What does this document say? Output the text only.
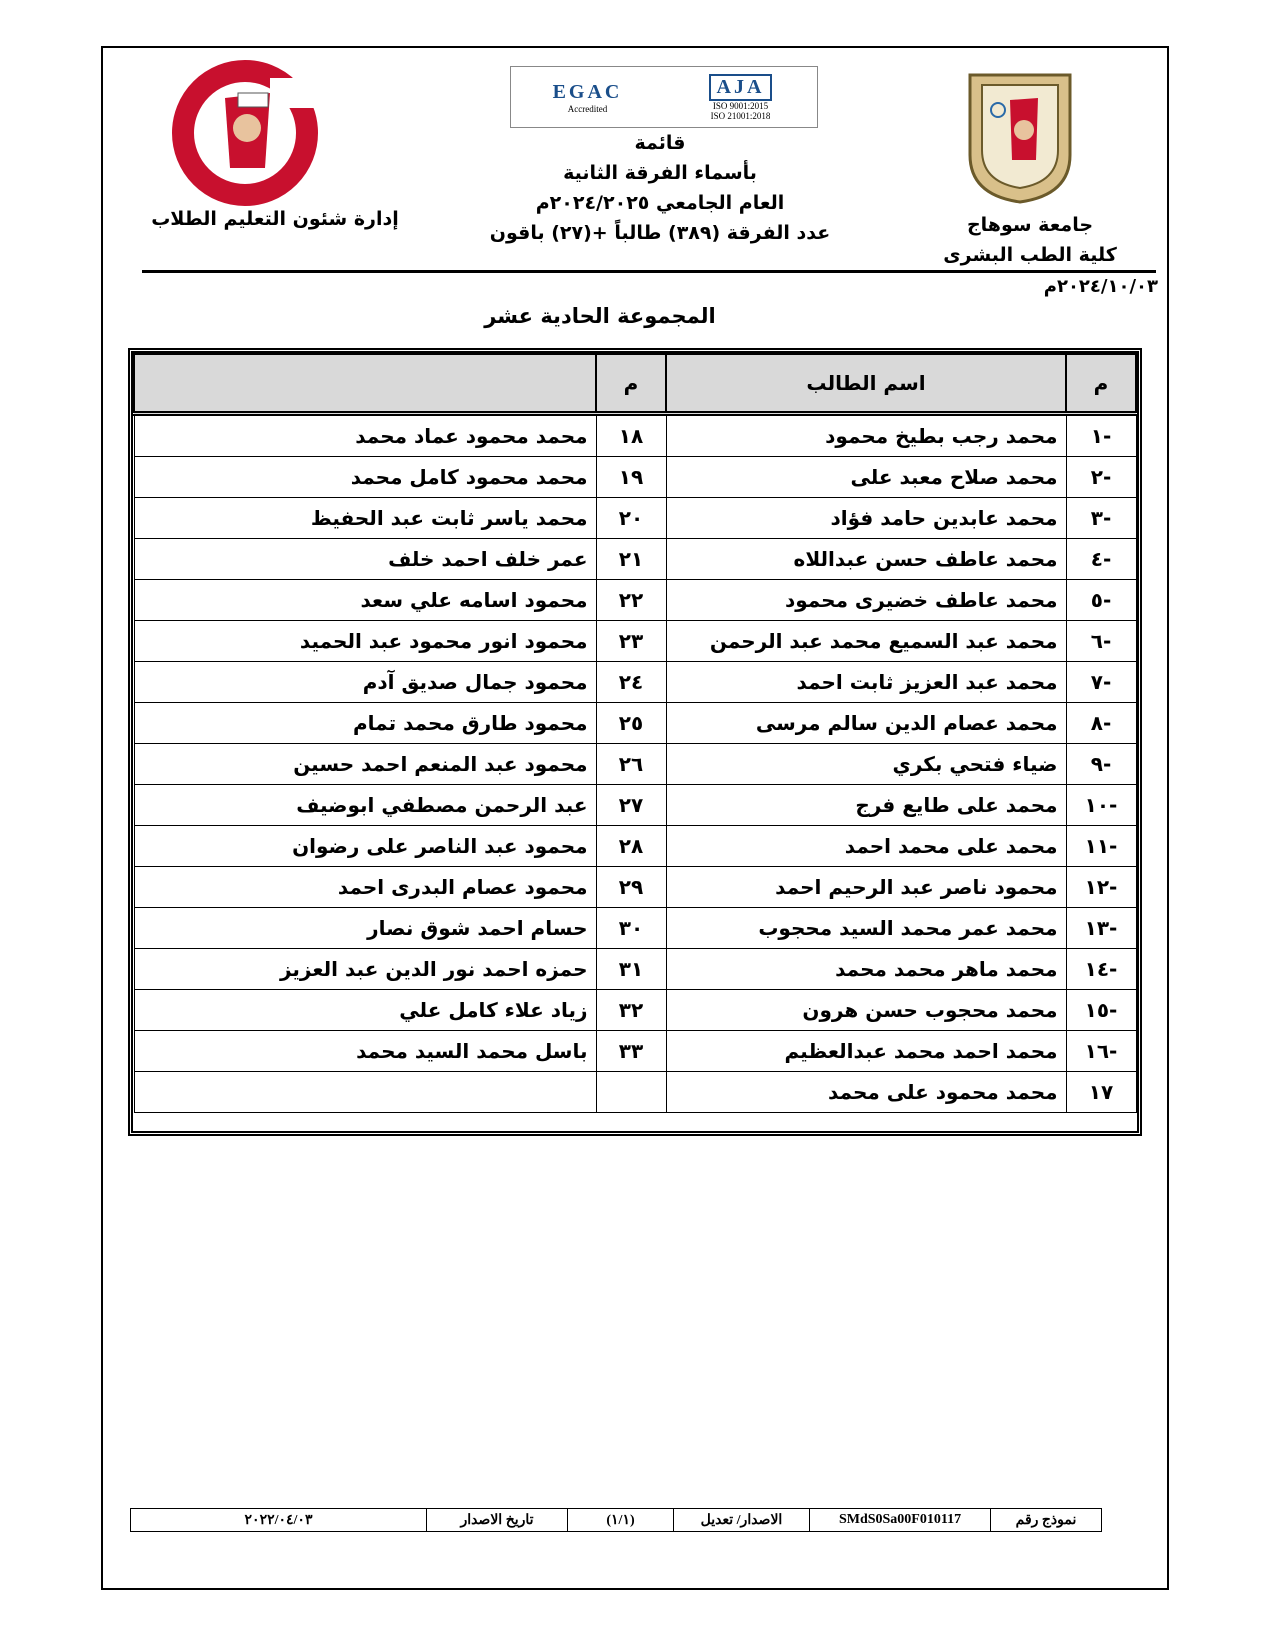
EGAC
Accredited
AJA
ISO 9001:2015
ISO 21001:2018
قائمة
بأسماء الفرقة الثانية
العام الجامعي ٢٠٢٤/٢٠٢٥م
عدد الفرقة (٣٨٩) طالباً +(٢٧) باقون
إدارة شئون التعليم الطلاب	جامعة سوهاج
كلية الطب البشرى
٢٠٢٤/١٠/٠٣م
المجموعة الحادية عشر
م	اسم الطالب	م	
-١	محمد رجب بطيخ محمود	١٨	محمد محمود عماد محمد
-٢	محمد صلاح معبد على	١٩	محمد محمود كامل محمد
-٣	محمد عابدين حامد فؤاد	٢٠	محمد ياسر ثابت عبد الحفيظ
-٤	محمد عاطف حسن عبداللاه	٢١	عمر خلف احمد خلف
-٥	محمد عاطف خضيرى محمود	٢٢	محمود اسامه علي سعد
-٦	محمد عبد السميع محمد عبد الرحمن	٢٣	محمود انور محمود عبد الحميد
-٧	محمد عبد العزيز ثابت احمد	٢٤	محمود جمال صديق آدم
-٨	محمد عصام الدين سالم مرسى	٢٥	محمود طارق محمد تمام
-٩	ضياء فتحي بكري	٢٦	محمود عبد المنعم احمد حسين
-١٠	محمد على طايع فرج	٢٧	عبد الرحمن مصطفي ابوضيف
-١١	محمد على محمد احمد	٢٨	محمود عبد الناصر على رضوان
-١٢	محمود ناصر عبد الرحيم احمد	٢٩	محمود عصام البدرى احمد
-١٣	محمد عمر محمد السيد محجوب	٣٠	حسام احمد شوق نصار
-١٤	محمد ماهر محمد محمد	٣١	حمزه احمد نور الدين عبد العزيز
-١٥	محمد محجوب حسن هرون	٣٢	زياد علاء كامل علي
-١٦	محمد احمد محمد عبدالعظيم	٣٣	باسل محمد السيد محمد
١٧	محمد محمود على محمد		
نموذج رقم
SMdS0Sa00F010117
الاصدار/ تعديل
(١/١)
تاريخ الاصدار
٢٠٢٢/٠٤/٠٣
